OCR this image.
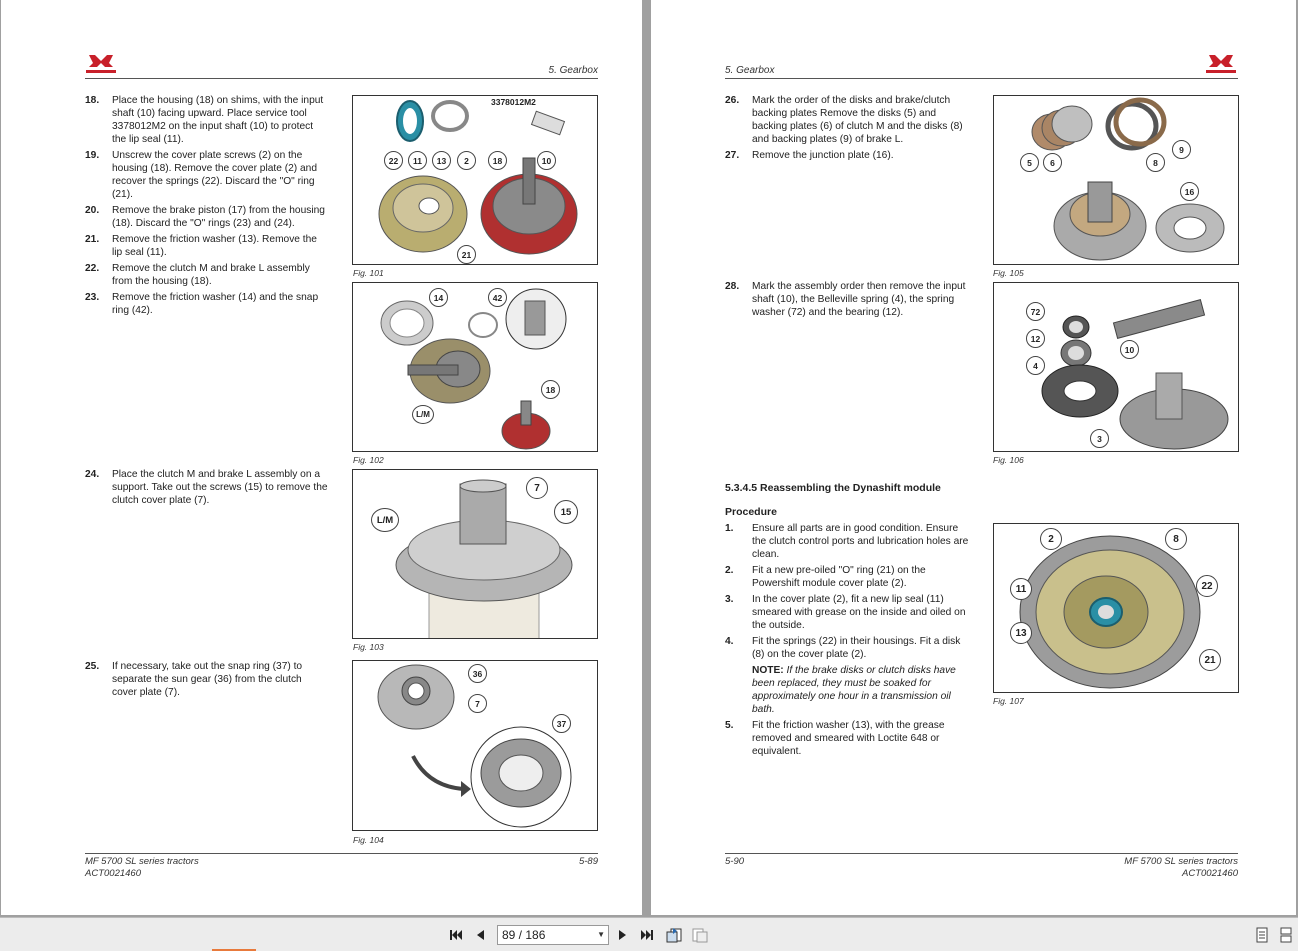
5. Gearbox
18. Place the housing (18) on shims, with the input shaft (10) facing upward. Place service tool 3378012M2 on the input shaft (10) to protect the lip seal (11).
19. Unscrew the cover plate screws (2) on the housing (18). Remove the cover plate (2) and recover the springs (22). Discard the "O" ring (21).
20. Remove the brake piston (17) from the housing (18). Discard the "O" rings (23) and (24).
21. Remove the friction washer (13). Remove the lip seal (11).
22. Remove the clutch M and brake L assembly from the housing (18).
23. Remove the friction washer (14) and the snap ring (42).
24. Place the clutch M and brake L assembly on a support. Take out the screws (15) to remove the clutch cover plate (7).
25. If necessary, take out the snap ring (37) to separate the sun gear (36) from the clutch cover plate (7).
3378012M2
22	11	13	2	18	10
21
Fig. 101
14	42
18
L/M
Fig. 102
7
15
L/M
Fig. 103
36
7
37
Fig. 104
MF 5700 SL series tractors
ACT0021460
5-89
5. Gearbox
26. Mark the order of the disks and brake/clutch backing plates Remove the disks (5) and backing plates (6) of clutch M and the disks (8) and backing plates (9) of brake L.
27. Remove the junction plate (16).
28. Mark the assembly order then remove the input shaft (10), the Belleville spring (4), the spring washer (72) and the bearing (12).
5.3.4.5 Reassembling the Dynashift module
Procedure
1. Ensure all parts are in good condition. Ensure the clutch control ports and lubrication holes are clean.
2. Fit a new pre-oiled "O" ring (21) on the Powershift module cover plate (2).
3. In the cover plate (2), fit a new lip seal (11) smeared with grease on the inside and oiled on the outside.
4. Fit the springs (22) in their housings. Fit a disk (8) on the cover plate (2).
NOTE: If the brake disks or clutch disks have been replaced, they must be soaked for approximately one hour in a transmission oil bath.
5. Fit the friction washer (13), with the grease removed and smeared with Loctite 648 or equivalent.
5	6	8
9
16
Fig. 105
72
12
4
10
3
Fig. 106
2	8
11	22
13
21
Fig. 107
5-90	MF 5700 SL series tractors
ACT0021460
89 / 186	▼
